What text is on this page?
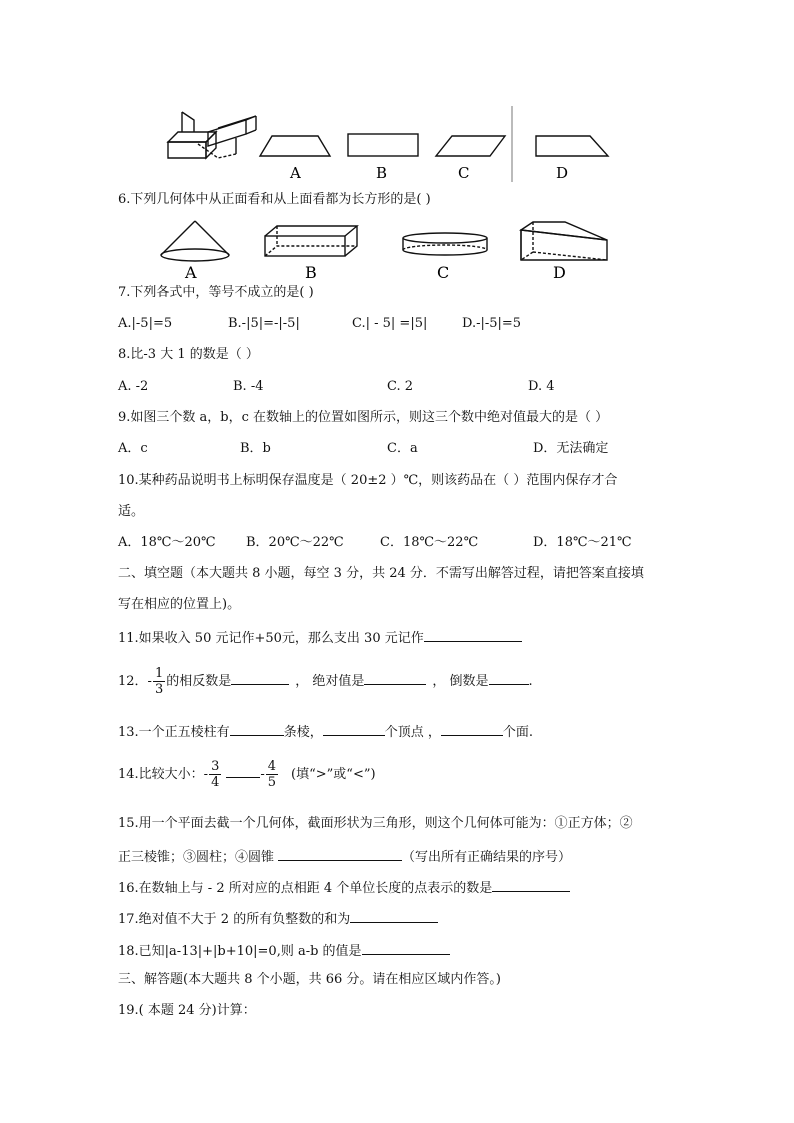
A	B	C	D
6.下列几何体中从正面看和从上面看都为长方形的是( )
A	B	C	D
7.下列各式中，等号不成立的是( )
A.|-5|=5	B.-|5|=-|-5|	C.| - 5| =|5|	D.-|-5|=5
8.比-3 大 1 的数是（ ）
A. -2	B. -4	C. 2	D. 4
9.如图三个数 a，b，c 在数轴上的位置如图所示，则这三个数中绝对值最大的是（ ）
A．c	B．b	C．a	D．无法确定
10.某种药品说明书上标明保存温度是（ 20±2 ）℃，则该药品在（ ）范围内保存才合
适。
A．18℃～20℃ B．20℃～22℃	C．18℃～22℃	D．18℃～21℃
二、填空题（本大题共 8 小题，每空 3 分，共 24 分．不需写出解答过程，请把答案直接填
写在相应的位置上)。
11.如果收入 50 元记作+50元，那么支出 30 元记作
12．- $\frac{1}{3}$ 的相反数是	， 绝对值是	， 倒数是	.
13.一个正五棱柱有	条棱，	个顶点 ，	个面.
14.比较大小：- $\frac{3}{4}$	- $\frac{4}{5}$ (填“>”或“<”)
15.用一个平面去截一个几何体，截面形状为三角形，则这个几何体可能为：①正方体；②
正三棱锥；③圆柱；④圆锥	（写出所有正确结果的序号）
16.在数轴上与 - 2 所对应的点相距 4 个单位长度的点表示的数是
17.绝对值不大于 2 的所有负整数的和为
18.已知|a-13|+|b+10|=0,则 a-b 的值是
三、解答题(本大题共 8 个小题，共 66 分。请在相应区域内作答。)
19.( 本题 24 分)计算：
